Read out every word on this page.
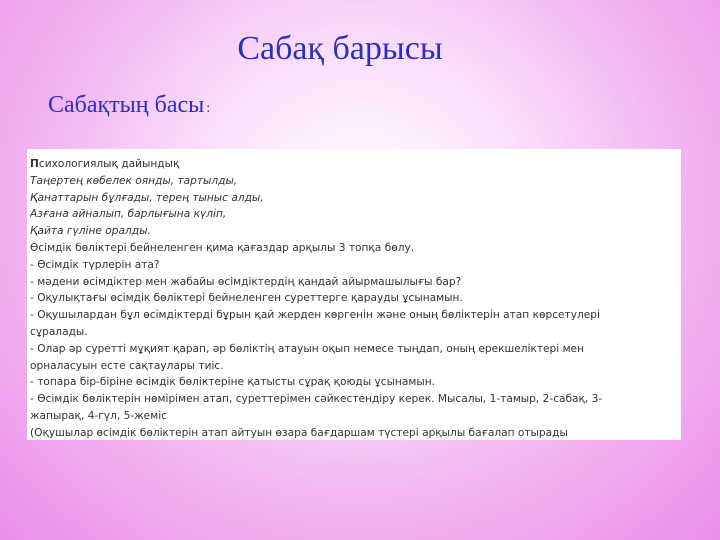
Сабақ барысы
Сабақтың басы :
Психологиялық дайындық
Таңертең көбелек оянды, тартылды,
Қанаттарын бұлғады, терең тыныс алды,
Азғана айналып, барлығына күліп,
Қайта гүліне оралды.
Өсімдік бөліктері бейнеленген қима қағаздар арқылы 3 топқа бөлу.
- Өсімдік түрлерін ата?
- мәдени өсімдіктер мен жабайы өсімдіктердің қандай айырмашылығы бар?
- Оқулықтағы өсімдік бөліктері бейнеленген суреттерге қарауды ұсынамын.
- Оқушылардан бұл өсімдіктерді бұрын қай жерден көргенін және оның бөліктерін атап көрсетулері
сұралады.
- Олар әр суретті мұқият қарап, әр бөліктің атауын оқып немесе тыңдап, оның ерекшеліктері мен
орналасуын есте сақтаулары тиіс.
- топара бір-біріне өсімдік бөліктеріне қатысты сұрақ қоюды ұсынамын.
- Өсімдік бөліктерін нөмірімен атап, суреттерімен сәйкестендіру керек. Мысалы, 1-тамыр, 2-сабақ, 3-
жапырақ, 4-гүл, 5-жеміс
(Оқушылар өсімдік бөліктерін атап айтуын өзара бағдаршам түстері арқылы бағалап отырады
